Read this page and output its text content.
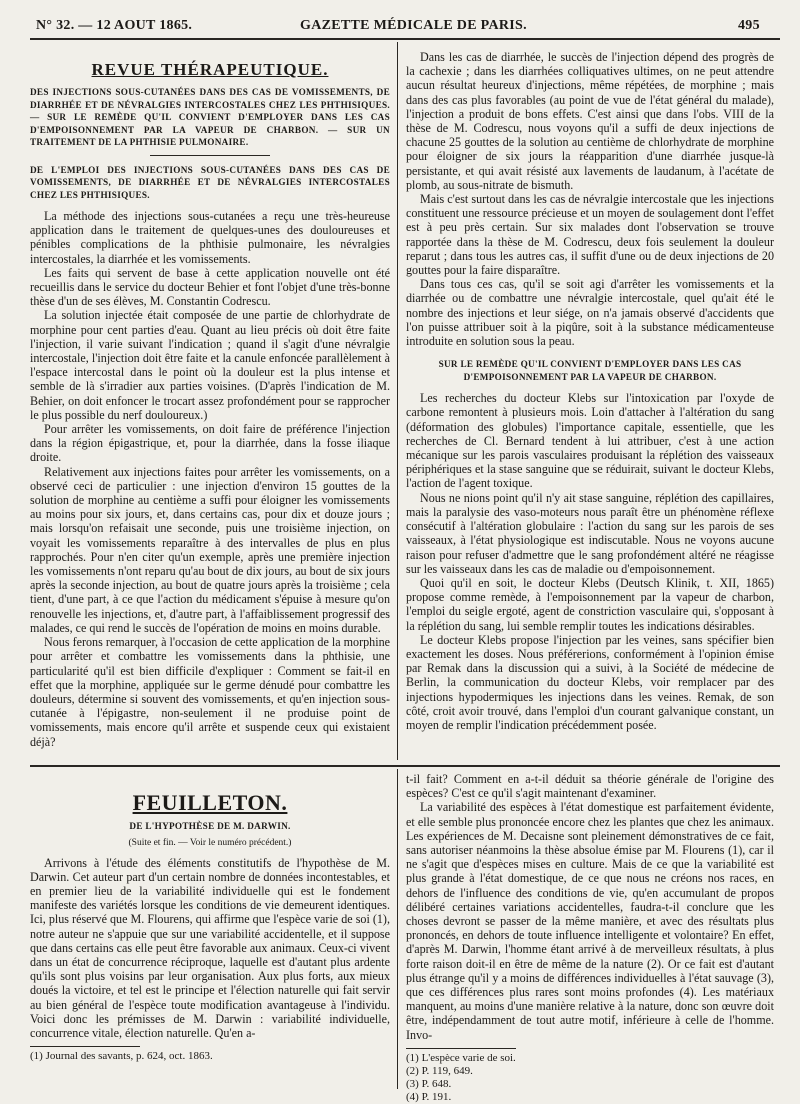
N° 32. — 12 AOUT 1865.	GAZETTE MÉDICALE DE PARIS.	495
REVUE THÉRAPEUTIQUE.
DES INJECTIONS SOUS-CUTANÉES DANS DES CAS DE VOMISSEMENTS, DE DIARRHÉE ET DE NÉVRALGIES INTERCOSTALES CHEZ LES PHTHISIQUES. — SUR LE REMÈDE QU'IL CONVIENT D'EMPLOYER DANS LES CAS D'EMPOISONNEMENT PAR LA VAPEUR DE CHARBON. — SUR UN TRAITEMENT DE LA PHTHISIE PULMONAIRE.
DE L'EMPLOI DES INJECTIONS SOUS-CUTANÉES DANS DES CAS DE VOMISSEMENTS, DE DIARRHÉE ET DE NÉVRALGIES INTERCOSTALES CHEZ LES PHTHISIQUES.

La méthode des injections sous-cutanées a reçu une très-heureuse application dans le traitement de quelques-unes des douloureuses et pénibles complications de la phthisie pulmonaire, les névralgies intercostales, la diarrhée et les vomissements.

Les faits qui servent de base à cette application nouvelle ont été recueillis dans le service du docteur Behier et font l'objet d'une très-bonne thèse d'un de ses élèves, M. Constantin Codrescu.

La solution injectée était composée de une partie de chlorhydrate de morphine pour cent parties d'eau. Quant au lieu précis où doit être faite l'injection, il varie suivant l'indication ; quand il s'agit d'une névralgie intercostale, l'injection doit être faite et la canule enfoncée parallèlement à l'espace intercostal dans le point où la douleur est la plus intense et semble de là s'irradier aux parties voisines. (D'après l'indication de M. Behier, on doit enfoncer le trocart assez profondément pour se rapprocher le plus possible du nerf douloureux.)

Pour arrêter les vomissements, on doit faire de préférence l'injection dans la région épigastrique, et, pour la diarrhée, dans la fosse iliaque droite.

Relativement aux injections faites pour arrêter les vomissements, on a observé ceci de particulier : une injection d'environ 15 gouttes de la solution de morphine au centième a suffi pour éloigner les vomissements au moins pour six jours, et, dans certains cas, pour dix et douze jours ; mais lorsqu'on refaisait une seconde, puis une troisième injection, on voyait les vomissements reparaître à des intervalles de plus en plus rapprochés. Pour n'en citer qu'un exemple, après une première injection les vomissements n'ont reparu qu'au bout de dix jours, au bout de six jours après la seconde injection, au bout de quatre jours après la troisième ; cela tient, d'une part, à ce que l'action du médicament s'épuise à mesure qu'on renouvelle les injections, et, d'autre part, à l'affaiblissement progressif des malades, ce qui rend le succès de l'opération de moins en moins durable.

Nous ferons remarquer, à l'occasion de cette application de la morphine pour arrêter et combattre les vomissements dans la phthisie, une particularité qu'il est bien difficile d'expliquer : Comment se fait-il en effet que la morphine, appliquée sur le germe dénudé pour combattre les douleurs, détermine si souvent des vomissements, et qu'en injection sous-cutanée à l'épigastre, non-seulement il ne produise point de vomissements, mais encore qu'il arrête et suspende ceux qui existaient déjà?

Dans les cas de diarrhée, le succès de l'injection dépend des progrès de la cachexie ; dans les diarrhées colliquatives ultimes, on ne peut attendre aucun résultat heureux d'injections, même répétées, de morphine ; mais dans des cas plus favorables (au point de vue de l'état général du malade), l'injection a produit de bons effets. C'est ainsi que dans l'obs. VIII de la thèse de M. Codrescu, nous voyons qu'il a suffi de deux injections de chacune 25 gouttes de la solution au centième de chlorhydrate de morphine pour éloigner de six jours la réapparition d'une diarrhée jusque-là persistante, et qui avait résisté aux lavements de laudanum, à l'acétate de plomb, au sous-nitrate de bismuth.

Mais c'est surtout dans les cas de névralgie intercostale que les injections constituent une ressource précieuse et un moyen de soulagement dont l'effet est à peu près certain. Sur six malades dont l'observation se trouve rapportée dans la thèse de M. Codrescu, deux fois seulement la douleur reparut ; dans tous les autres cas, il suffit d'une ou de deux injections de 20 gouttes pour la faire disparaître.

Dans tous ces cas, qu'il se soit agi d'arrêter les vomissements et la diarrhée ou de combattre une névralgie intercostale, quel qu'ait été le nombre des injections et leur siége, on n'a jamais observé d'accidents que l'on puisse attribuer soit à la piqûre, soit à la substance médicamenteuse introduite en solution sous la peau.

SUR LE REMÈDE QU'IL CONVIENT D'EMPLOYER DANS LES CAS D'EMPOISONNEMENT PAR LA VAPEUR DE CHARBON.

Les recherches du docteur Klebs sur l'intoxication par l'oxyde de carbone remontent à plusieurs mois. Loin d'attacher à l'altération du sang (déformation des globules) l'importance capitale, essentielle, que les recherches de Cl. Bernard tendent à lui attribuer, c'est à une action mécanique sur les parois vasculaires produisant la réplétion des vaisseaux périphériques et la stase sanguine que se réduirait, suivant le docteur Klebs, l'action de l'agent toxique.

Nous ne nions point qu'il n'y ait stase sanguine, réplétion des capillaires, mais la paralysie des vaso-moteurs nous paraît être un phénomène réflexe consécutif à l'altération globulaire : l'action du sang sur les parois de ses vaisseaux, à l'état physiologique est indiscutable. Nous ne voyons aucune raison pour refuser d'admettre que le sang profondément altéré ne réagisse sur les vaisseaux dans les cas de maladie ou d'empoisonnement.

Quoi qu'il en soit, le docteur Klebs (Deutsch Klinik, t. XII, 1865) propose comme remède, à l'empoisonnement par la vapeur de charbon, l'emploi du seigle ergoté, agent de constriction vasculaire qui, s'opposant à la réplétion du sang, lui semble remplir toutes les indications désirables.

Le docteur Klebs propose l'injection par les veines, sans spécifier bien exactement les doses. Nous préférerions, conformément à l'opinion émise par Remak dans la discussion qui a suivi, à la Société de médecine de Berlin, la communication du docteur Klebs, voir remplacer par des injections hypodermiques les injections dans les veines. Remak, de son côté, croit avoir trouvé, dans l'emploi d'un courant galvanique constant, un moyen de remplir l'indication précédemment posée.

FEUILLETON.
DE L'HYPOTHÈSE DE M. DARWIN.
(Suite et fin. — Voir le numéro précédent.)

Arrivons à l'étude des éléments constitutifs de l'hypothèse de M. Darwin. Cet auteur part d'un certain nombre de données incontestables, et en premier lieu de la variabilité individuelle qui est le fondement manifeste des variétés lorsque les conditions de vie demeurent identiques. Ici, plus réservé que M. Flourens, qui affirme que l'espèce varie de soi (1), notre auteur ne s'appuie que sur une variabilité accidentelle, et il suppose que dans certains cas elle peut être favorable aux animaux. Ceux-ci vivent dans un état de concurrence réciproque, laquelle est d'autant plus ardente qu'ils sont plus voisins par leur organisation. Aux plus forts, aux mieux doués la victoire, et tel est le principe et l'élection naturelle qui fait servir au bien général de l'espèce toute modification avantageuse à l'individu. Voici donc les prémisses de M. Darwin : variabilité individuelle, concurrence vitale, élection naturelle. Qu'en a-

(1) Journal des savants, p. 624, oct. 1863.

t-il fait? Comment en a-t-il déduit sa théorie générale de l'origine des espèces? C'est ce qu'il s'agit maintenant d'examiner.

La variabilité des espèces à l'état domestique est parfaitement évidente, et elle semble plus prononcée encore chez les plantes que chez les animaux. Les expériences de M. Decaisne sont pleinement démonstratives de ce fait, sans autoriser néanmoins la thèse absolue émise par M. Flourens (1), car il ne s'agit que d'espèces mises en culture. Mais de ce que la variabilité est plus grande à l'état domestique, de ce que nous ne créons nos races, en dehors de l'influence des conditions de vie, qu'en accumulant de propos délibéré certaines variations accidentelles, faudra-t-il conclure que les choses devront se passer de la même manière, et avec des résultats plus prononcés, en dehors de toute influence intelligente et volontaire? En effet, d'après M. Darwin, l'homme étant arrivé à de merveilleux résultats, à plus forte raison doit-il en être de même de la nature (2). Or ce fait est d'autant plus étrange qu'il y a moins de différences individuelles à l'état sauvage (3), que ces différences plus rares sont moins profondes (4). Les matériaux manquent, au moins d'une manière relative à la nature, donc son œuvre doit être, indépendamment de tout autre motif, inférieure à celle de l'homme. Invo-

(1) L'espèce varie de soi.
(2) P. 119, 649.
(3) P. 648.
(4) P. 191.
